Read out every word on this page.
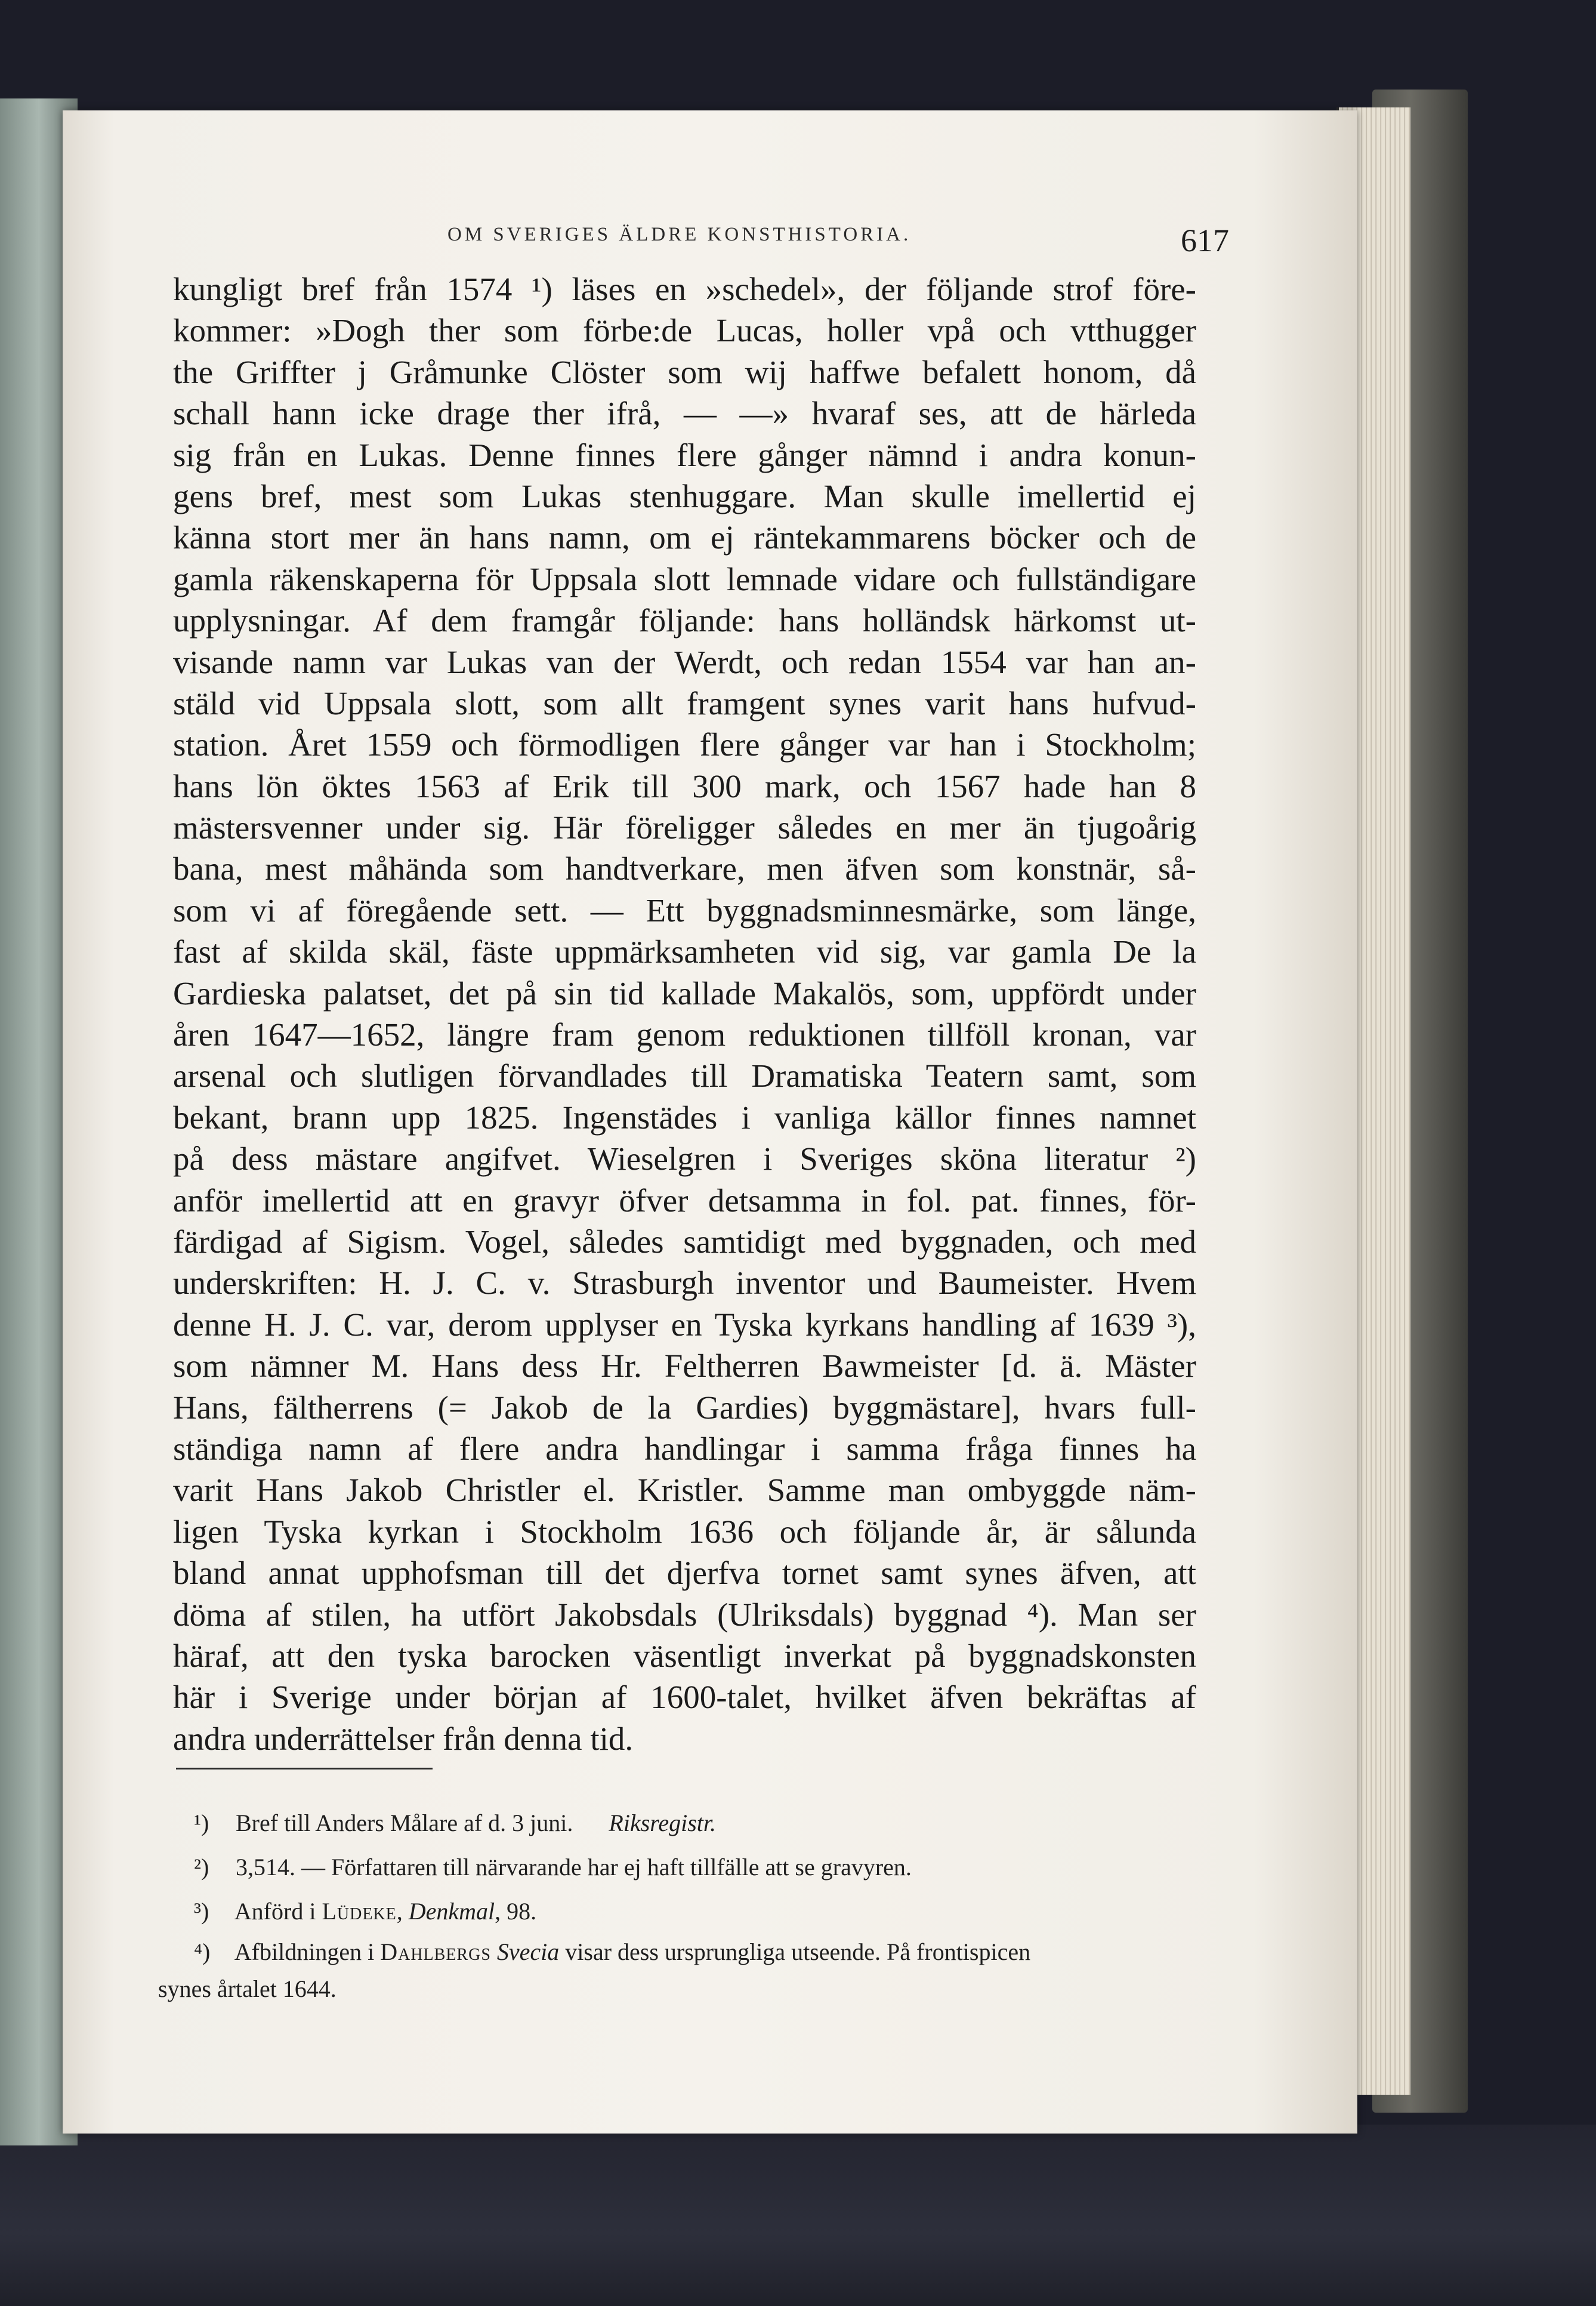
OM SVERIGES ÄLDRE KONSTHISTORIA.	617
kungligt bref från 1574 ¹) läses en »schedel», der följande strof före-
kommer: »Dogh ther som förbe:de Lucas, holler vpå och vtthugger
the Griffter j Gråmunke Clöster som wij haffwe befalett honom, då
schall hann icke drage ther ifrå, — —» hvaraf ses, att de härleda
sig från en Lukas. Denne finnes flere gånger nämnd i andra konun-
gens bref, mest som Lukas stenhuggare. Man skulle imellertid ej
känna stort mer än hans namn, om ej räntekammarens böcker och de
gamla räkenskaperna för Uppsala slott lemnade vidare och fullständigare
upplysningar. Af dem framgår följande: hans holländsk härkomst ut-
visande namn var Lukas van der Werdt, och redan 1554 var han an-
stäld vid Uppsala slott, som allt framgent synes varit hans hufvud-
station. Året 1559 och förmodligen flere gånger var han i Stockholm;
hans lön öktes 1563 af Erik till 300 mark, och 1567 hade han 8
mästersvenner under sig. Här föreligger således en mer än tjugoårig
bana, mest måhända som handtverkare, men äfven som konstnär, så-
som vi af föregående sett. — Ett byggnadsminnesmärke, som länge,
fast af skilda skäl, fäste uppmärksamheten vid sig, var gamla De la
Gardieska palatset, det på sin tid kallade Makalös, som, uppfördt under
åren 1647—1652, längre fram genom reduktionen tillföll kronan, var
arsenal och slutligen förvandlades till Dramatiska Teatern samt, som
bekant, brann upp 1825. Ingenstädes i vanliga källor finnes namnet
på dess mästare angifvet. Wieselgren i Sveriges sköna literatur ²)
anför imellertid att en gravyr öfver detsamma in fol. pat. finnes, för-
färdigad af Sigism. Vogel, således samtidigt med byggnaden, och med
underskriften: H. J. C. v. Strasburgh inventor und Baumeister. Hvem
denne H. J. C. var, derom upplyser en Tyska kyrkans handling af 1639 ³),
som nämner M. Hans dess Hr. Feltherren Bawmeister [d. ä. Mäster
Hans, fältherrens (= Jakob de la Gardies) byggmästare], hvars full-
ständiga namn af flere andra handlingar i samma fråga finnes ha
varit Hans Jakob Christler el. Kristler. Samme man ombyggde näm-
ligen Tyska kyrkan i Stockholm 1636 och följande år, är sålunda
bland annat upphofsman till det djerfva tornet samt synes äfven, att
döma af stilen, ha utfört Jakobsdals (Ulriksdals) byggnad ⁴). Man ser
häraf, att den tyska barocken väsentligt inverkat på byggnadskonsten
här i Sverige under början af 1600-talet, hvilket äfven bekräftas af
andra underrättelser från denna tid.
¹) Bref till Anders Målare af d. 3 juni. Riksregistr.
²) 3,514. — Författaren till närvarande har ej haft tillfälle att se gravyren.
³) Anförd i Lüdeke, Denkmal, 98.
⁴) Afbildningen i Dahlbergs Svecia visar dess ursprungliga utseende. På frontispicen
synes årtalet 1644.
